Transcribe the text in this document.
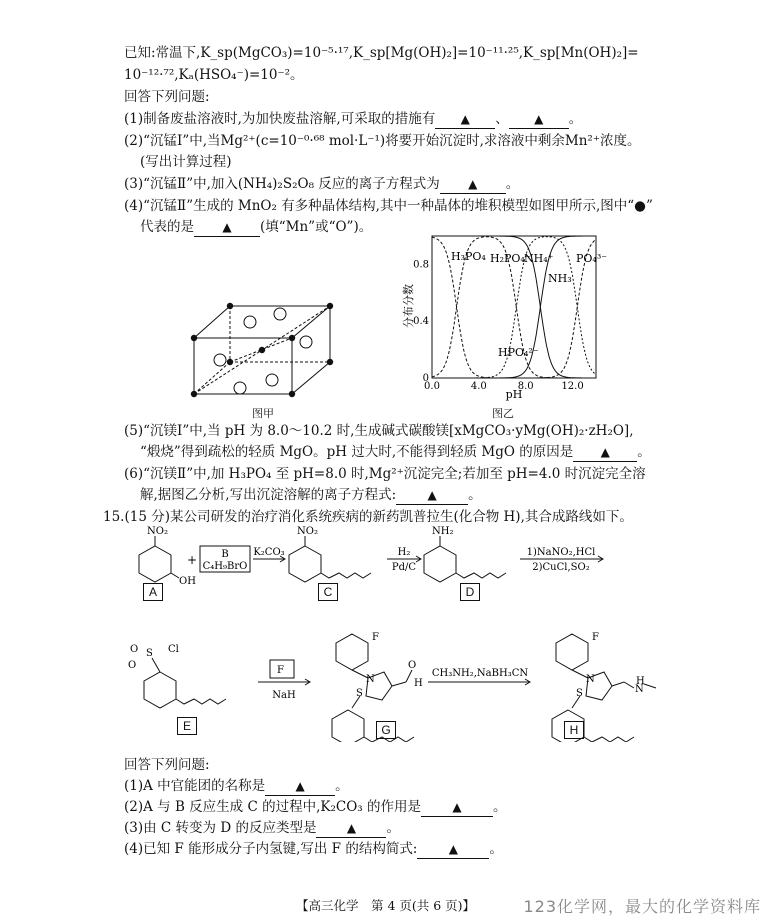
已知:常温下,K_sp(MgCO₃)=10⁻⁵·¹⁷,K_sp[Mg(OH)₂]=10⁻¹¹·²⁵,K_sp[Mn(OH)₂]=
10⁻¹²·⁷²,Kₐ(HSO₄⁻)=10⁻²。
回答下列问题:
(1)制备废盐溶液时,为加快废盐溶解,可采取的措施有 ▲ 、 ▲ 。
(2)“沉锰Ⅰ”中,当Mg²⁺(c=10⁻⁰·⁶⁸ mol·L⁻¹)将要开始沉淀时,求溶液中剩余Mn²⁺浓度。
(写出计算过程)
(3)“沉锰Ⅱ”中,加入(NH₄)₂S₂O₈ 反应的离子方程式为 ▲ 。
(4)“沉锰Ⅱ”生成的 MnO₂ 有多种晶体结构,其中一种晶体的堆积模型如图甲所示,图中“●”
代表的是 ▲ (填“Mn”或“O”)。
图甲
分布分数
0.0	4.0	8.0	12.0
0
0.4
0.8
H₃PO₄ H₂PO₄⁻
NH₄⁺
NH₃
PO₄³⁻
HPO₄²⁻
pH
图乙
(5)“沉镁Ⅰ”中,当 pH 为 8.0～10.2 时,生成碱式碳酸镁[xMgCO₃·yMg(OH)₂·zH₂O],
“煅烧”得到疏松的轻质 MgO。pH 过大时,不能得到轻质 MgO 的原因是 ▲ 。
(6)“沉镁Ⅱ”中,加 H₃PO₄ 至 pH=8.0 时,Mg²⁺沉淀完全;若加至 pH=4.0 时沉淀完全溶
解,据图乙分析,写出沉淀溶解的离子方程式:	▲ 。
15.(15 分)某公司研发的治疗消化系统疾病的新药凯普拉生(化合物 H),其合成路线如下。
NO₂
OH
+ B
C₄H₉BrO
K₂CO₃
NO₂
H₂
Pd/C
NH₂
1)NaNO₂,HCl
2)CuCl,SO₂
A	C	D
O S Cl
O	F
NaH
F
S
N
O
H
CH₃NH₂,NaBH₃CN
F
S
N	H
N
E	G	H
回答下列问题:
(1)A 中官能团的名称是	▲ 。
(2)A 与 B 反应生成 C 的过程中,K₂CO₃ 的作用是	▲ 。
(3)由 C 转变为 D 的反应类型是	▲ 。
(4)已知 F 能形成分子内氢键,写出 F 的结构简式:	▲ 。
【高三化学　第 4 页(共 6 页)】	123化学网，最大的化学资料库
